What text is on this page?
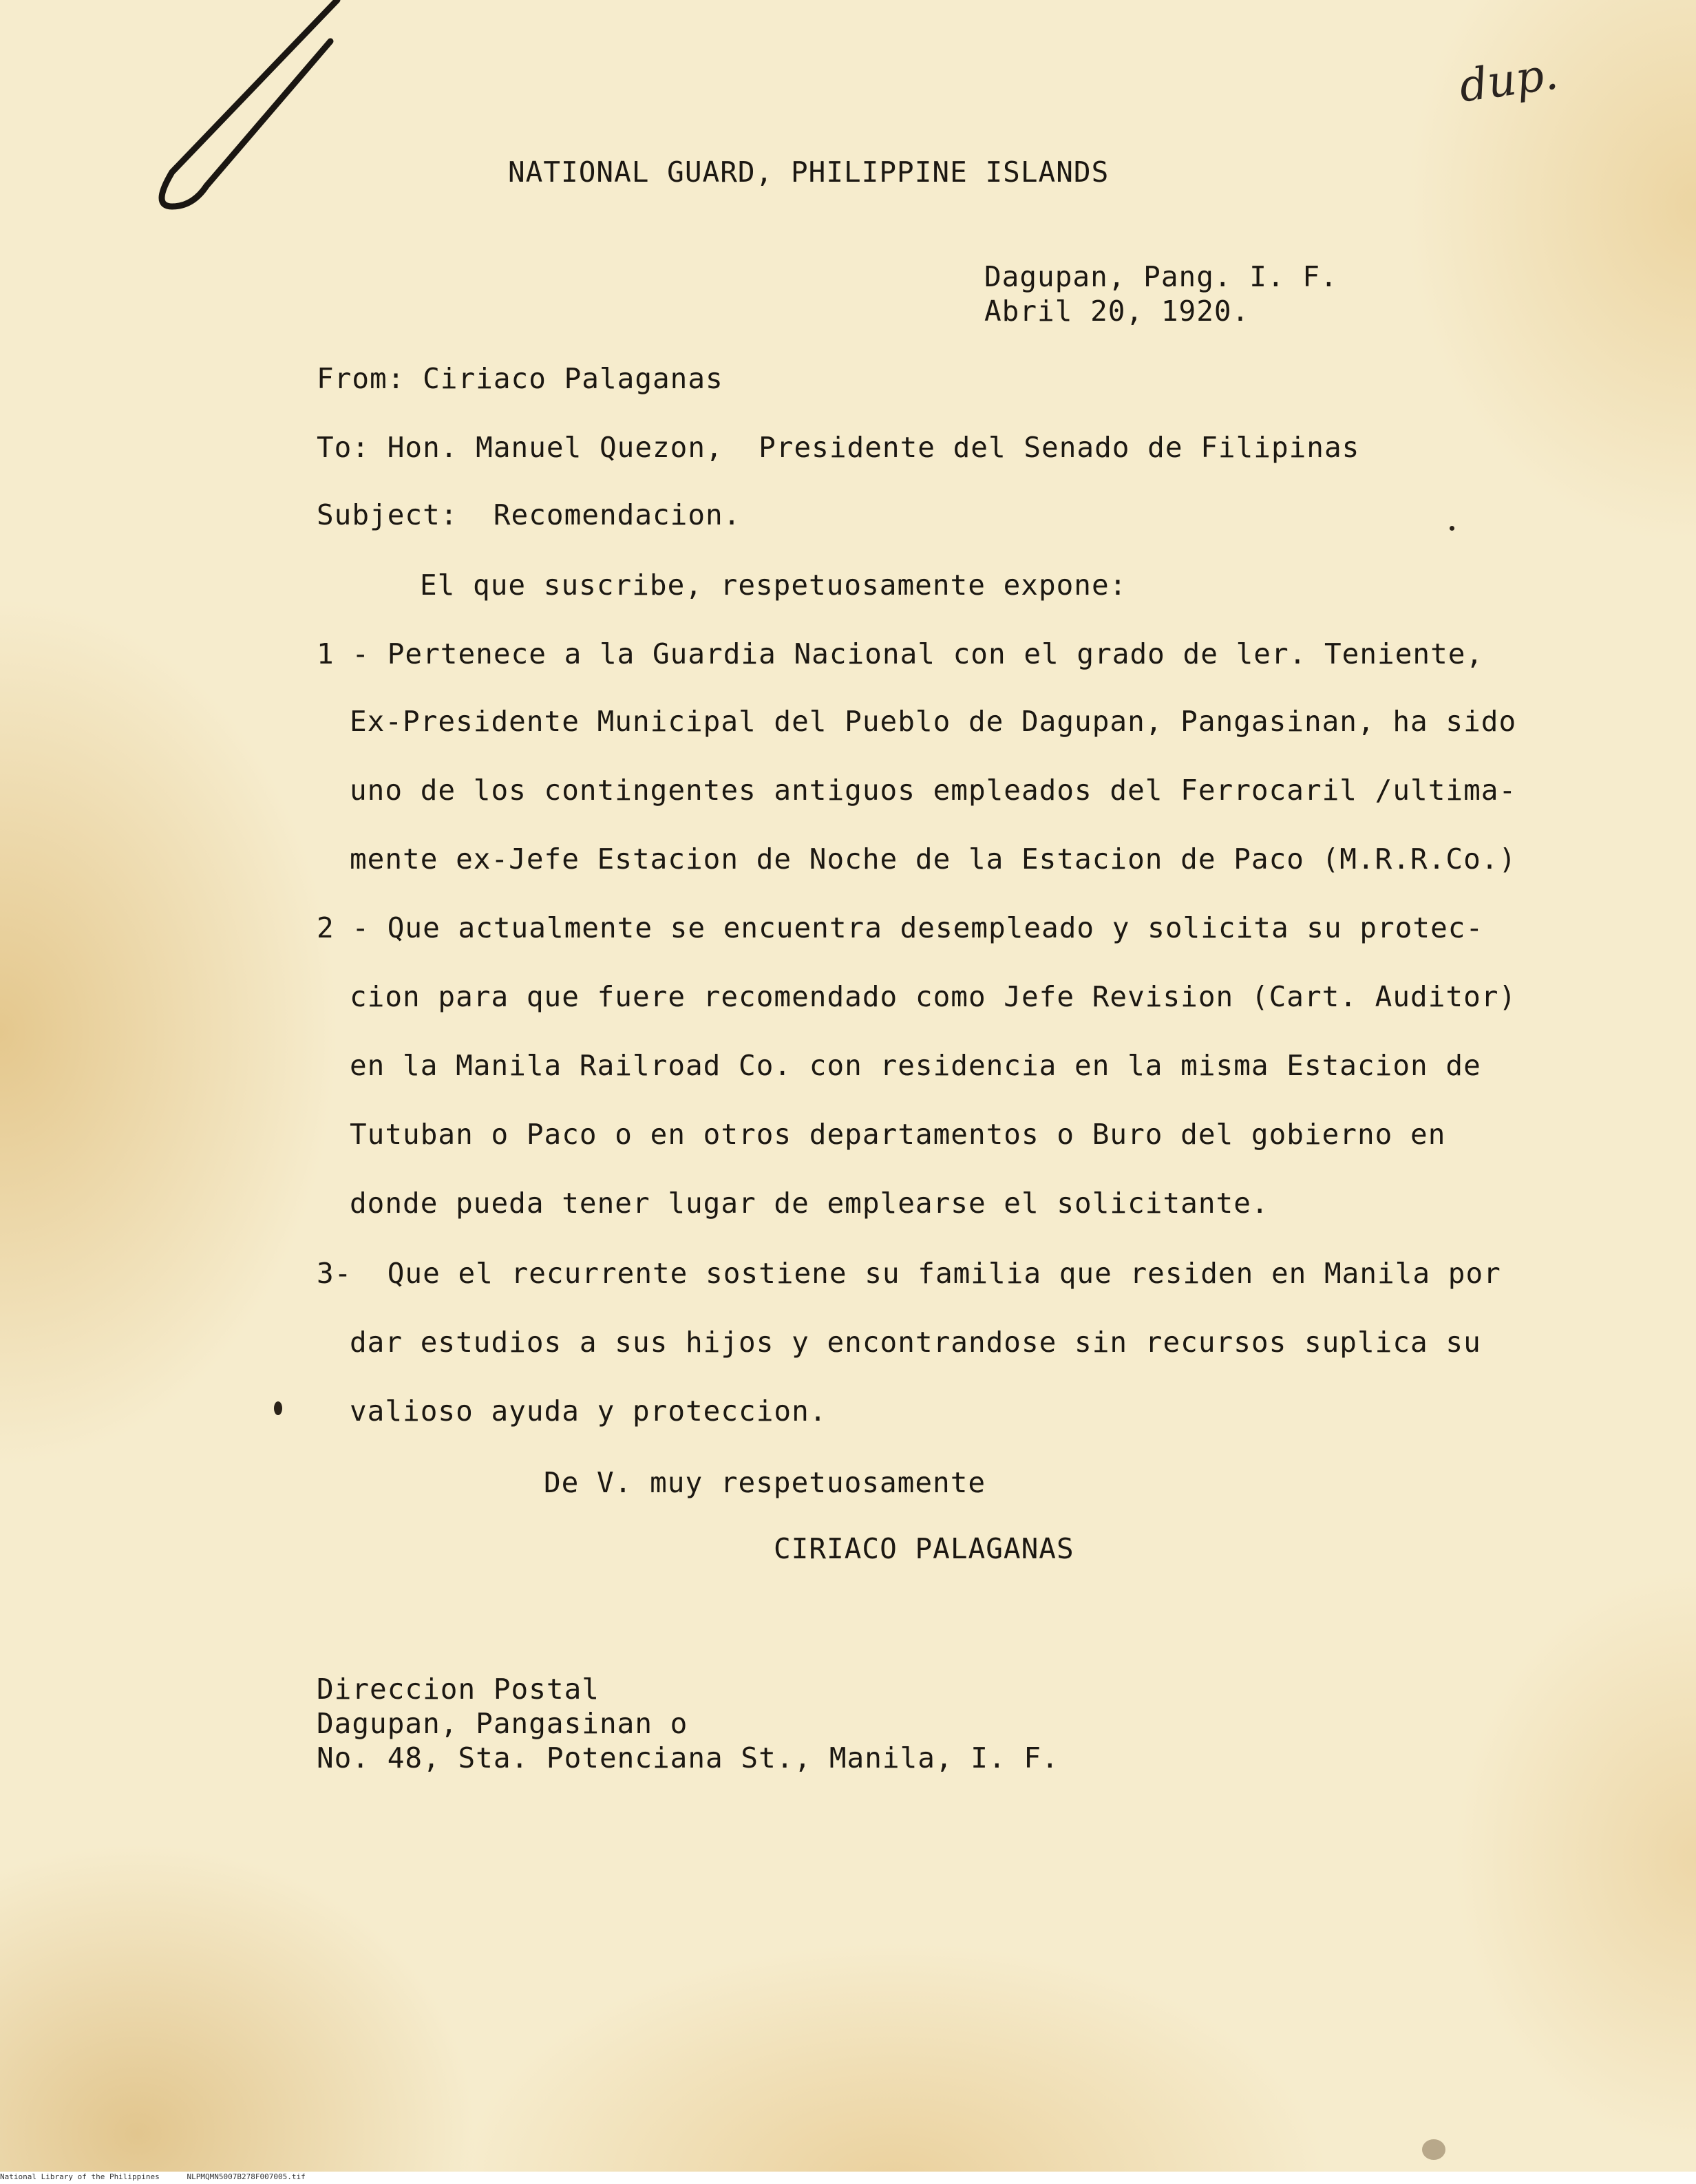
dup.
NATIONAL GUARD, PHILIPPINE ISLANDS
Dagupan, Pang. I. F.
Abril 20, 1920.
From: Ciriaco Palaganas
To: Hon. Manuel Quezon,  Presidente del Senado de Filipinas
Subject:  Recomendacion.
El que suscribe, respetuosamente expone:
1 - Pertenece a la Guardia Nacional con el grado de ler. Teniente,
Ex-Presidente Municipal del Pueblo de Dagupan, Pangasinan, ha sido
uno de los contingentes antiguos empleados del Ferrocaril /ultima-
mente ex-Jefe Estacion de Noche de la Estacion de Paco (M.R.R.Co.)
2 - Que actualmente se encuentra desempleado y solicita su protec-
cion para que fuere recomendado como Jefe Revision (Cart. Auditor)
en la Manila Railroad Co. con residencia en la misma Estacion de
Tutuban o Paco o en otros departamentos o Buro del gobierno en
donde pueda tener lugar de emplearse el solicitante.
3-  Que el recurrente sostiene su familia que residen en Manila por
dar estudios a sus hijos y encontrandose sin recursos suplica su
valioso ayuda y proteccion.
De V. muy respetuosamente
CIRIACO PALAGANAS
Direccion Postal
Dagupan, Pangasinan o
No. 48, Sta. Potenciana St., Manila, I. F.
National Library of the Philippines	NLPMQMN5007B278F007005.tif
